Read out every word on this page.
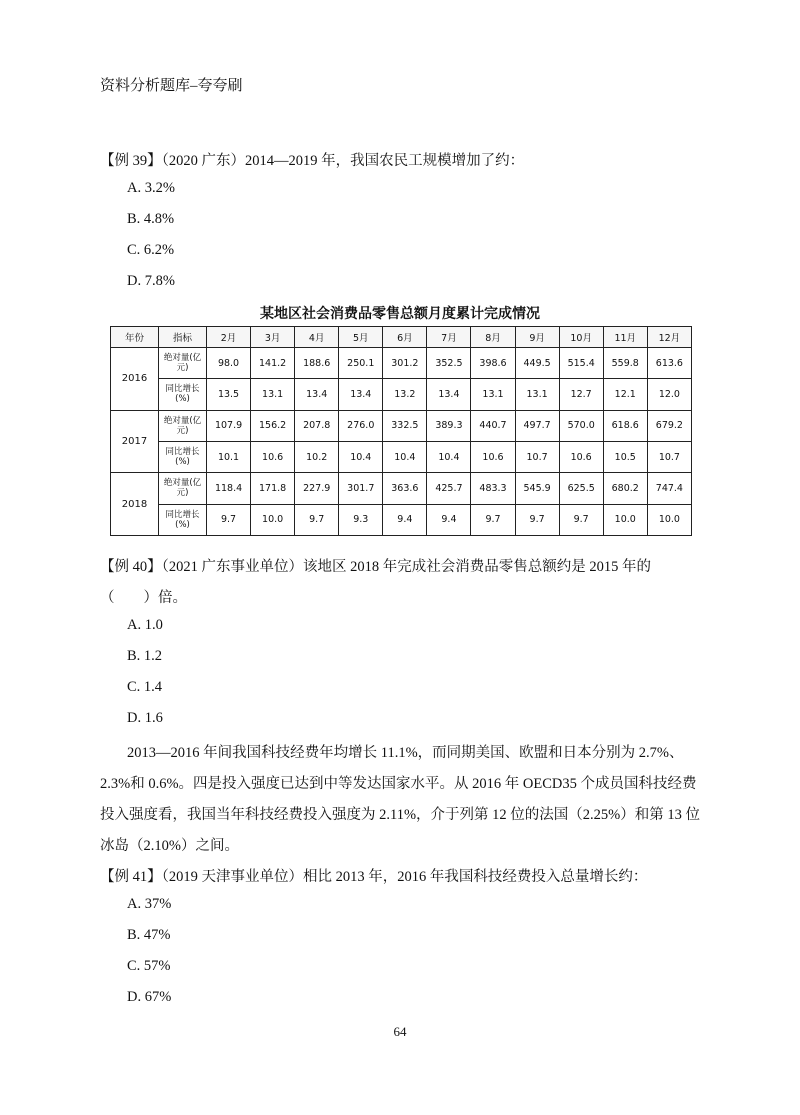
资料分析题库–夸夸刷
【例 39】（2020 广东）2014—2019 年，我国农民工规模增加了约：
A. 3.2%
B. 4.8%
C. 6.2%
D. 7.8%
某地区社会消费品零售总额月度累计完成情况
年份	指标	2月	3月	4月	5月	6月	7月	8月	9月	10月	11月	12月
2016	绝对量(亿元)	98.0	141.2	188.6	250.1	301.2	352.5	398.6	449.5	515.4	559.8	613.6
	同比增长(%)	13.5	13.1	13.4	13.4	13.2	13.4	13.1	13.1	12.7	12.1	12.0
2017	绝对量(亿元)	107.9	156.2	207.8	276.0	332.5	389.3	440.7	497.7	570.0	618.6	679.2
	同比增长(%)	10.1	10.6	10.2	10.4	10.4	10.4	10.6	10.7	10.6	10.5	10.7
2018	绝对量(亿元)	118.4	171.8	227.9	301.7	363.6	425.7	483.3	545.9	625.5	680.2	747.4
	同比增长(%)	9.7	10.0	9.7	9.3	9.4	9.4	9.7	9.7	9.7	10.0	10.0
【例 40】（2021 广东事业单位）该地区 2018 年完成社会消费品零售总额约是 2015 年的
（　　）倍。
A. 1.0
B. 1.2
C. 1.4
D. 1.6
2013—2016 年间我国科技经费年均增长 11.1%，而同期美国、欧盟和日本分别为 2.7%、
2.3%和 0.6%。四是投入强度已达到中等发达国家水平。从 2016 年 OECD35 个成员国科技经费
投入强度看，我国当年科技经费投入强度为 2.11%，介于列第 12 位的法国（2.25%）和第 13 位
冰岛（2.10%）之间。
【例 41】（2019 天津事业单位）相比 2013 年，2016 年我国科技经费投入总量增长约：
A. 37%
B. 47%
C. 57%
D. 67%
64
